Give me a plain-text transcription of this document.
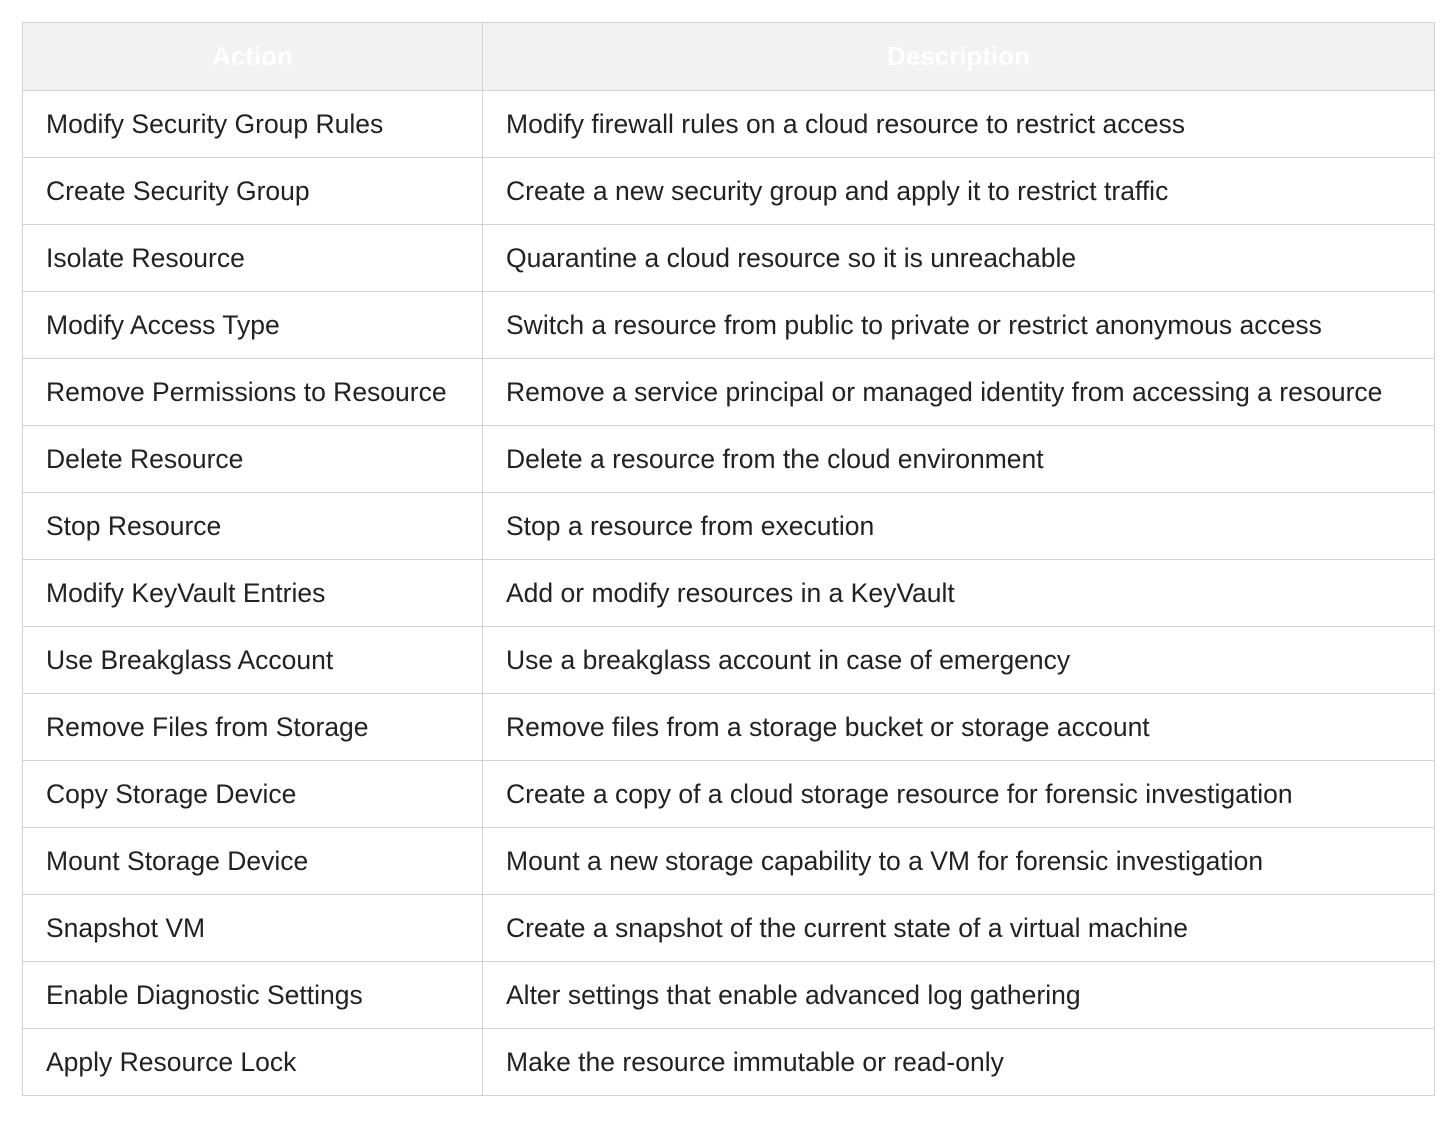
Action	Description
Modify Security Group Rules	Modify firewall rules on a cloud resource to restrict access
Create Security Group	Create a new security group and apply it to restrict traffic
Isolate Resource	Quarantine a cloud resource so it is unreachable
Modify Access Type	Switch a resource from public to private or restrict anonymous access
Remove Permissions to Resource	Remove a service principal or managed identity from accessing a resource
Delete Resource	Delete a resource from the cloud environment
Stop Resource	Stop a resource from execution
Modify KeyVault Entries	Add or modify resources in a KeyVault
Use Breakglass Account	Use a breakglass account in case of emergency
Remove Files from Storage	Remove files from a storage bucket or storage account
Copy Storage Device	Create a copy of a cloud storage resource for forensic investigation
Mount Storage Device	Mount a new storage capability to a VM for forensic investigation
Snapshot VM	Create a snapshot of the current state of a virtual machine
Enable Diagnostic Settings	Alter settings that enable advanced log gathering
Apply Resource Lock	Make the resource immutable or read-only
